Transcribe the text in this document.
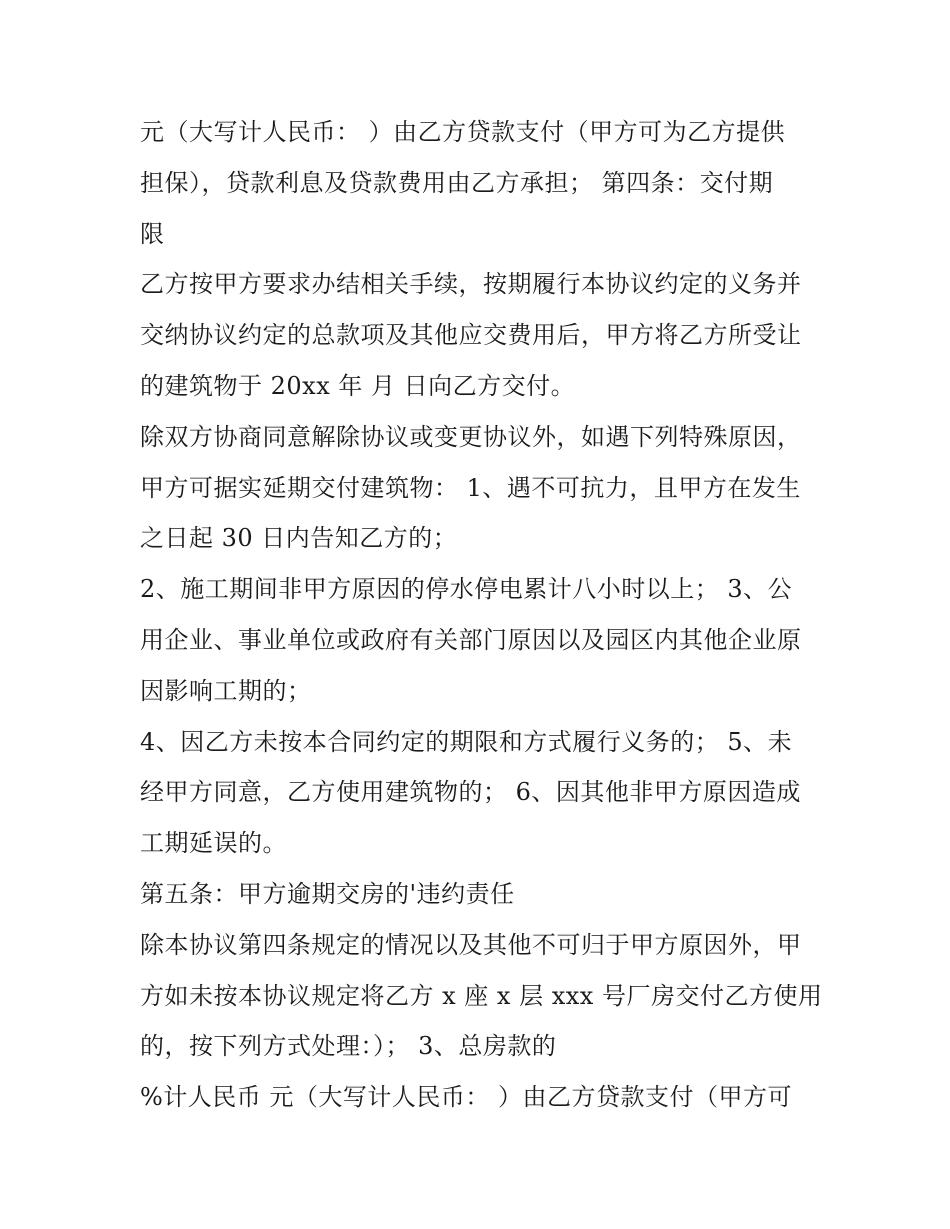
元（大写计人民币： ）由乙方贷款支付（甲方可为乙方提供
担保），贷款利息及贷款费用由乙方承担； 第四条：交付期
限
乙方按甲方要求办结相关手续，按期履行本协议约定的义务并
交纳协议约定的总款项及其他应交费用后，甲方将乙方所受让
的建筑物于 20xx 年 月 日向乙方交付。
除双方协商同意解除协议或变更协议外，如遇下列特殊原因，
甲方可据实延期交付建筑物： 1、遇不可抗力，且甲方在发生
之日起 30 日内告知乙方的；
2、施工期间非甲方原因的停水停电累计八小时以上； 3、公
用企业、事业单位或政府有关部门原因以及园区内其他企业原
因影响工期的；
4、因乙方未按本合同约定的期限和方式履行义务的； 5、未
经甲方同意，乙方使用建筑物的； 6、因其他非甲方原因造成
工期延误的。
第五条：甲方逾期交房的'违约责任
除本协议第四条规定的情况以及其他不可归于甲方原因外，甲
方如未按本协议规定将乙方 x 座 x 层 xxx 号厂房交付乙方使用
的，按下列方式处理：）； 3、总房款的
%计人民币 元（大写计人民币： ）由乙方贷款支付（甲方可
